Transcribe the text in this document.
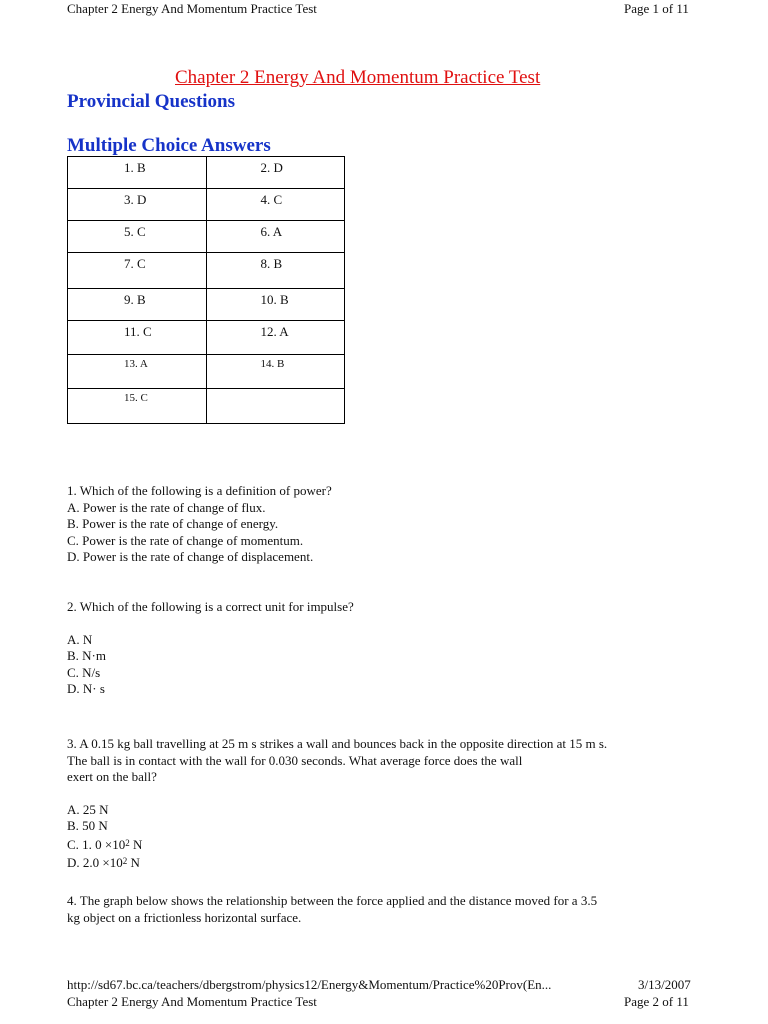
Chapter 2 Energy And Momentum Practice Test	Page 1 of 11
Chapter 2 Energy And Momentum Practice Test
Provincial Questions
Multiple Choice Answers
1. B	2. D

3. D	4. C

5. C	6. A

7. C	8. B

9. B	10. B

11. C	12. A

13. A	14. B

15. C	

1. Which of the following is a definition of power?
A. Power is the rate of change of flux.
B. Power is the rate of change of energy.
C. Power is the rate of change of momentum.
D. Power is the rate of change of displacement.
2. Which of the following is a correct unit for impulse?
A. N
B. N·m
C. N/s
D. N· s
3. A 0.15 kg ball travelling at 25 m s strikes a wall and bounces back in the opposite direction at 15 m s.
The ball is in contact with the wall for 0.030 seconds. What average force does the wall
exert on the ball?
A. 25 N
B. 50 N
C. 1. $0 \times 10^2$ N
D. $2.0 \times 10^2$ N
4. The graph below shows the relationship between the force applied and the distance moved for a 3.5
kg object on a frictionless horizontal surface.
http://sd67.bc.ca/teachers/dbergstrom/physics12/Energy&Momentum/Practice%20Prov(En...	3/13/2007
Chapter 2 Energy And Momentum Practice Test	Page 2 of 11
